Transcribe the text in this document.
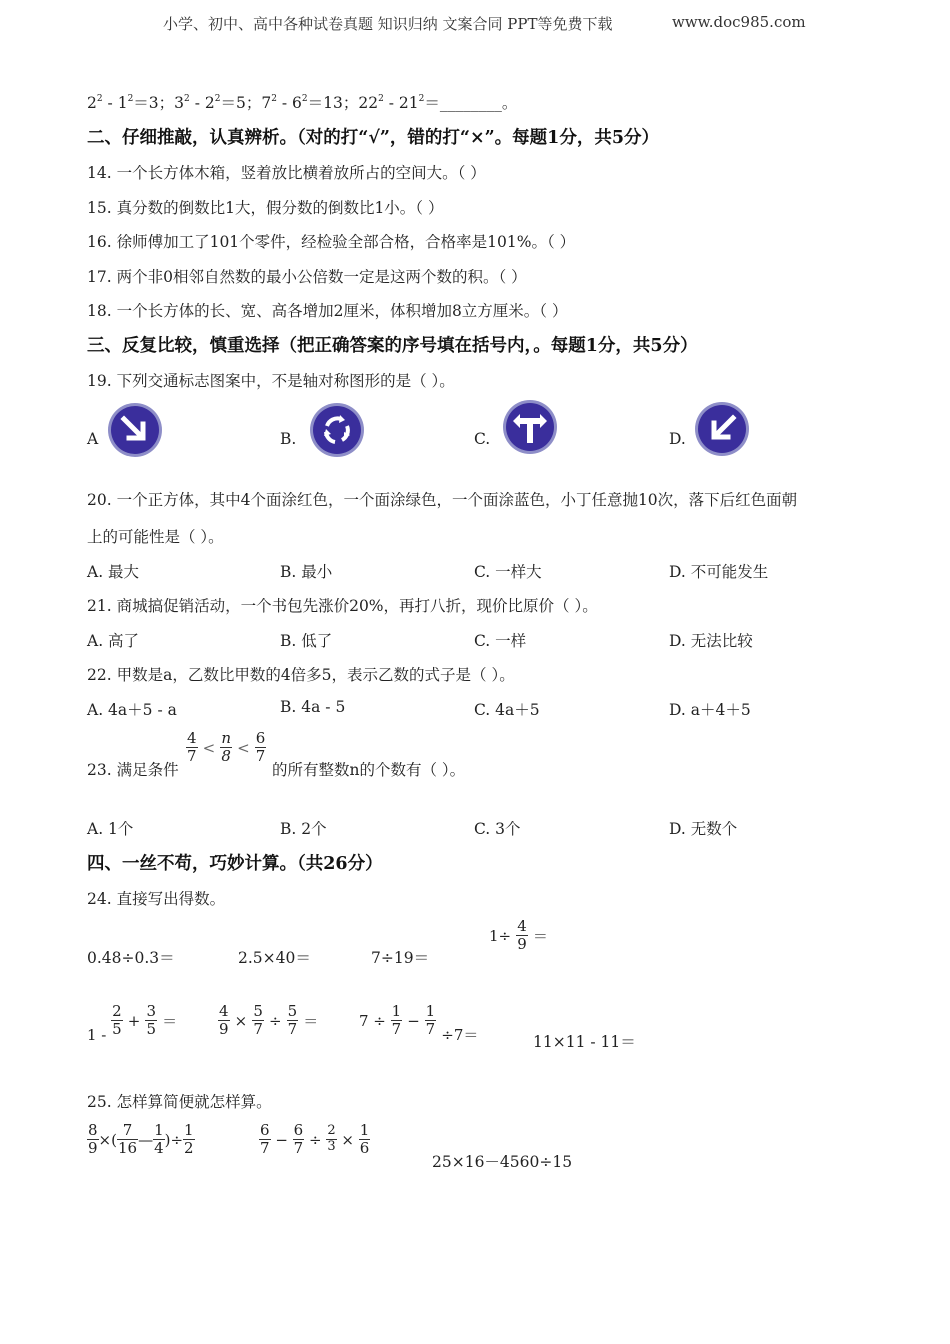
小学、初中、高中各种试卷真题 知识归纳 文案合同 PPT等免费下载	www.doc985.com
$2^2 - 1^2=3$；$3^2 - 2^2=5$；$7^2 - 6^2=13$；$22^2$ - $21^2=\_\_\_\_\_\_\_\_$。
二、仔细推敲，认真辨析。（对的打“√”，错的打“×”。每题1分，共5分）
14. 一个长方体木箱，竖着放比横着放所占的空间大。（ ）
15. 真分数的倒数比1大，假分数的倒数比1小。（ ）
16. 徐师傅加工了101个零件，经检验全部合格，合格率是101%。（ ）
17. 两个非0相邻自然数的最小公倍数一定是这两个数的积。（ ）
18. 一个长方体的长、宽、高各增加2厘米，体积增加8立方厘米。（ ）
三、反复比较，慎重选择（把正确答案的序号填在括号内，。每题1分，共5分）
19. 下列交通标志图案中，不是轴对称图形的是（ ）。
A	B.	C.	D.
20. 一个正方体，其中4个面涂红色，一个面涂绿色，一个面涂蓝色，小丁任意抛10次，落下后红色面朝
上的可能性是（ ）。
A. 最大	B. 最小	C. 一样大	D. 不可能发生
21. 商城搞促销活动，一个书包先涨价20%，再打八折，现价比原价（ ）。
A. 高了	B. 低了	C. 一样	D. 无法比较
22. 甲数是a，乙数比甲数的4倍多5，表示乙数的式子是（ ）。
A. 4a＋5 - a	B. 4a - 5	C. 4a＋5	D. a＋4＋5
23. 满足条件
$\frac{4}{7} < \frac{n}{8} < \frac{6}{7}$
的所有整数n的个数有（ ）。
A. 1个	B. 2个	C. 3个	D. 无数个
四、一丝不苟，巧妙计算。（共26分）
24. 直接写出得数。
0.48÷0.3＝	2.5×40＝	7÷19＝
$1\div \frac{4}{9}$ ＝
$1 - \frac{2}{5} + \frac{3}{5}$ ＝	$\frac{4}{9} \times \frac{5}{7} \div \frac{5}{7}$ ＝	$7 \div \frac{1}{7} - \frac{1}{7} \div 7=$	11×11 - 11＝
25. 怎样算简便就怎样算。
$\frac{8}{9}$ ×( $\frac{7}{16}$ — $\frac{1}{4}$ )÷ $\frac{1}{2}$	$\frac{6}{7} - \frac{6}{7} \div \frac{2}{3} \times \frac{1}{6}$
25×16－4560÷15
